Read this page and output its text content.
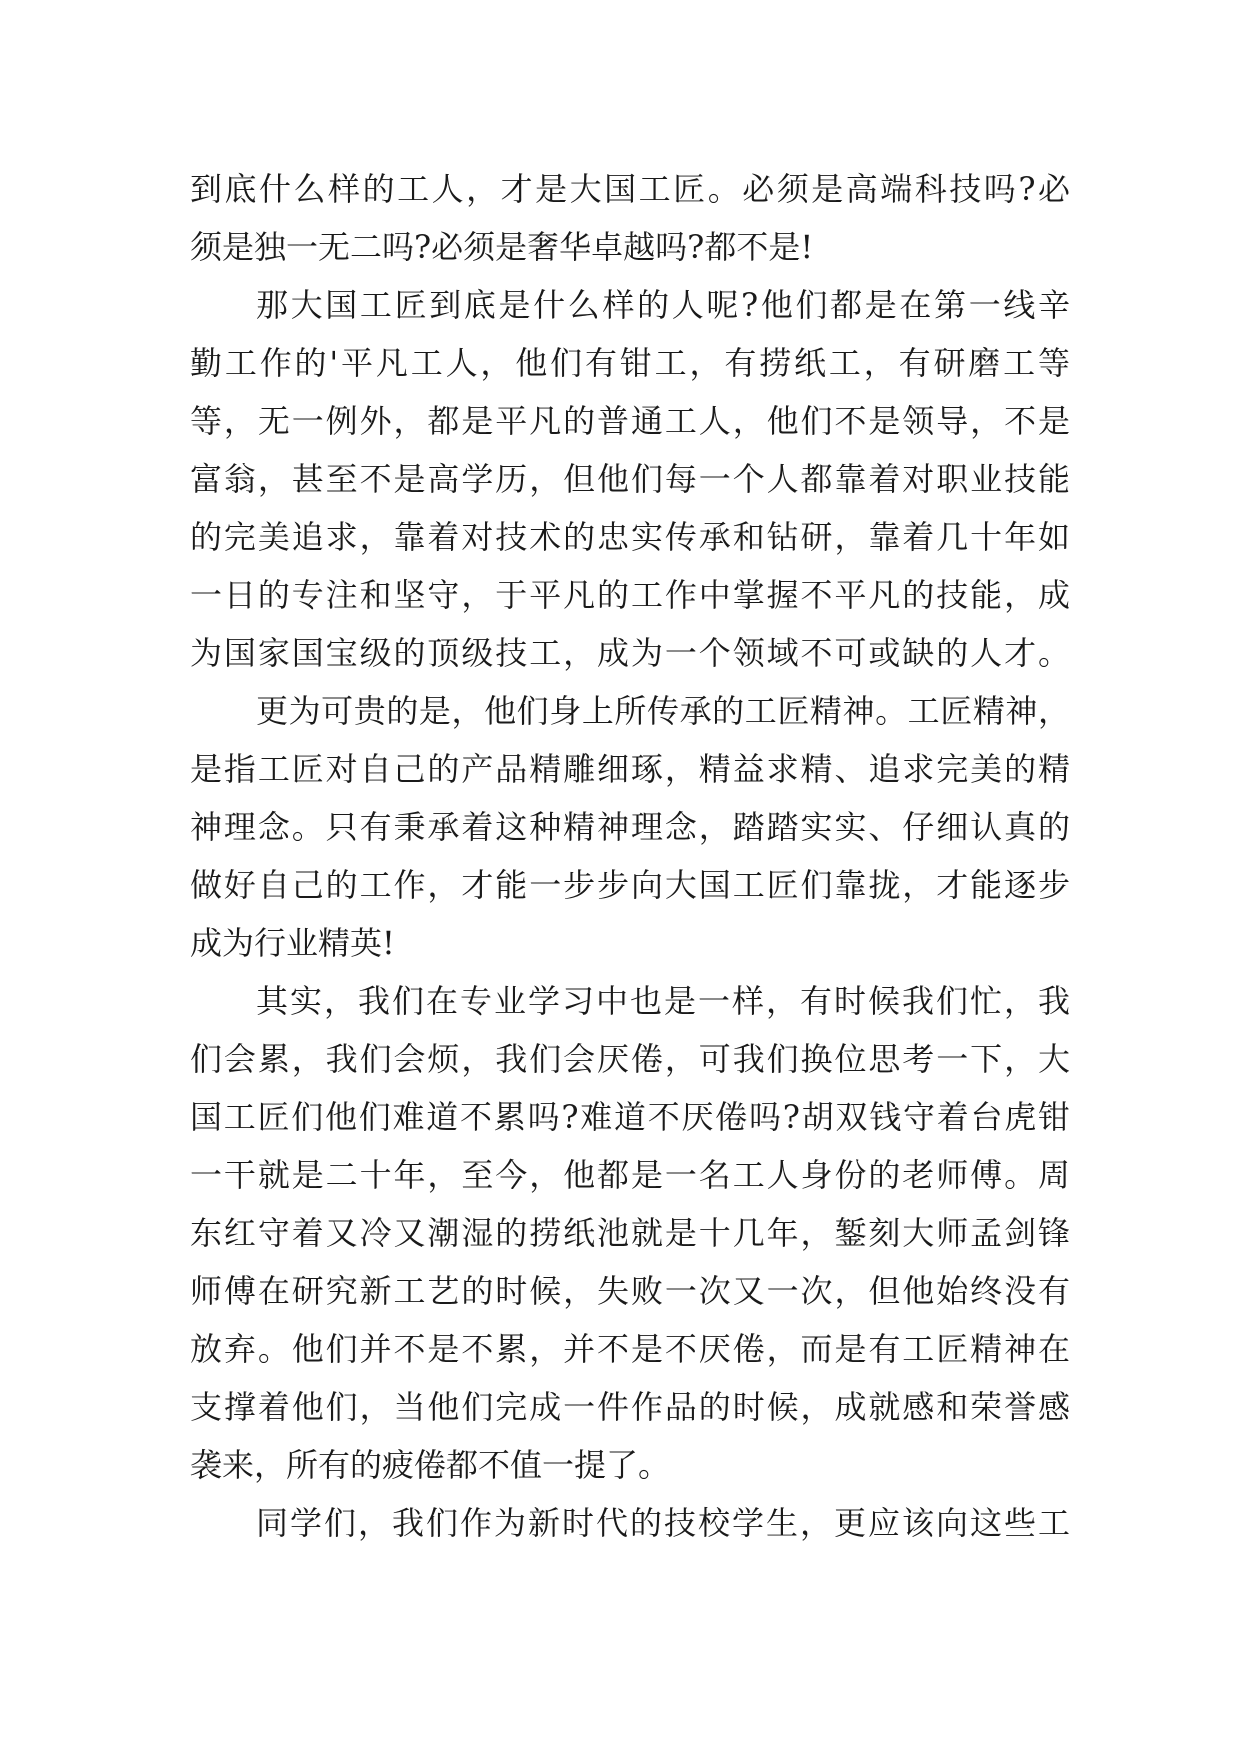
到底什么样的工人，才是大国工匠。必须是高端科技吗?必
须是独一无二吗?必须是奢华卓越吗?都不是!
那大国工匠到底是什么样的人呢?他们都是在第一线辛
勤工作的'平凡工人，他们有钳工，有捞纸工，有研磨工等
等，无一例外，都是平凡的普通工人，他们不是领导，不是
富翁，甚至不是高学历，但他们每一个人都靠着对职业技能
的完美追求，靠着对技术的忠实传承和钻研，靠着几十年如
一日的专注和坚守，于平凡的工作中掌握不平凡的技能，成
为国家国宝级的顶级技工，成为一个领域不可或缺的人才。
更为可贵的是，他们身上所传承的工匠精神。工匠精神，
是指工匠对自己的产品精雕细琢，精益求精、追求完美的精
神理念。只有秉承着这种精神理念，踏踏实实、仔细认真的
做好自己的工作，才能一步步向大国工匠们靠拢，才能逐步
成为行业精英!
其实，我们在专业学习中也是一样，有时候我们忙，我
们会累，我们会烦，我们会厌倦，可我们换位思考一下，大
国工匠们他们难道不累吗?难道不厌倦吗?胡双钱守着台虎钳
一干就是二十年，至今，他都是一名工人身份的老师傅。周
东红守着又冷又潮湿的捞纸池就是十几年，錾刻大师孟剑锋
师傅在研究新工艺的时候，失败一次又一次，但他始终没有
放弃。他们并不是不累，并不是不厌倦，而是有工匠精神在
支撑着他们，当他们完成一件作品的时候，成就感和荣誉感
袭来，所有的疲倦都不值一提了。
同学们，我们作为新时代的技校学生，更应该向这些工
